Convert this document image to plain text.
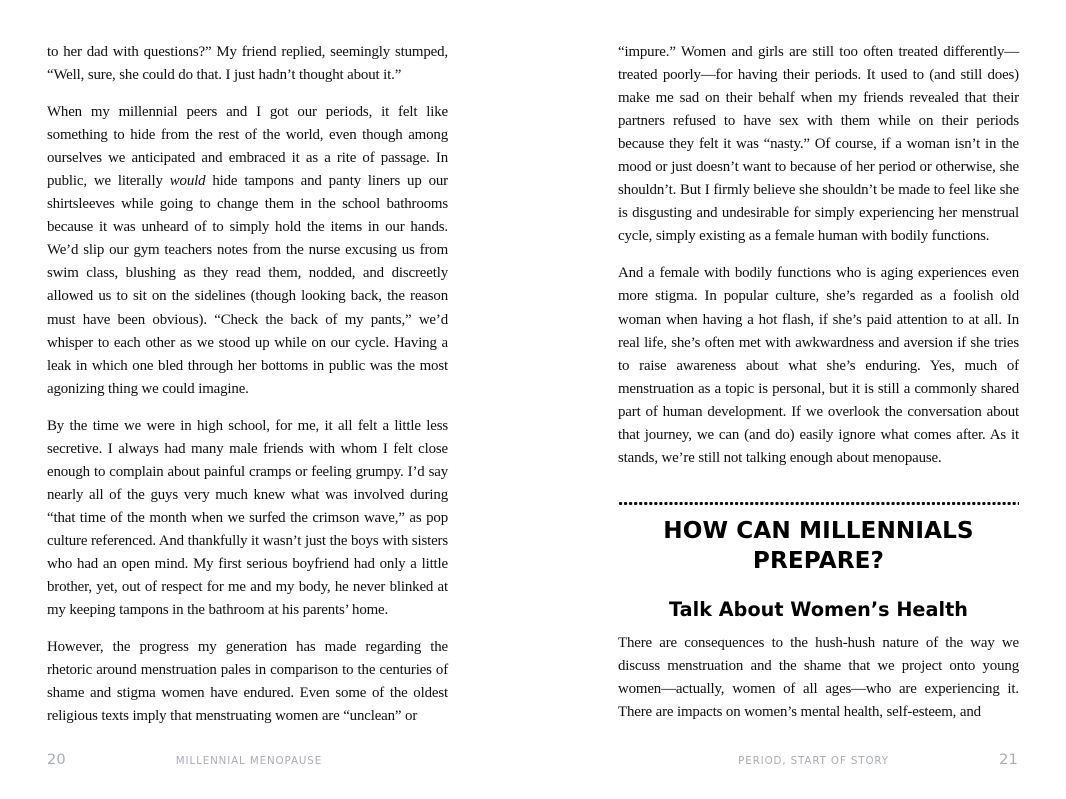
to her dad with questions?” My friend replied, seemingly stumped, “Well, sure, she could do that. I just hadn’t thought about it.”

When my millennial peers and I got our periods, it felt like something to hide from the rest of the world, even though among ourselves we anticipated and embraced it as a rite of passage. In public, we literally would hide tampons and panty liners up our shirtsleeves while going to change them in the school bathrooms because it was unheard of to simply hold the items in our hands. We’d slip our gym teachers notes from the nurse excusing us from swim class, blushing as they read them, nodded, and discreetly allowed us to sit on the sidelines (though looking back, the reason must have been obvious). “Check the back of my pants,” we’d whisper to each other as we stood up while on our cycle. Having a leak in which one bled through her bottoms in public was the most agonizing thing we could imagine.

By the time we were in high school, for me, it all felt a little less secretive. I always had many male friends with whom I felt close enough to complain about painful cramps or feeling grumpy. I’d say nearly all of the guys very much knew what was involved during “that time of the month when we surfed the crimson wave,” as pop culture referenced. And thankfully it wasn’t just the boys with sisters who had an open mind. My first serious boyfriend had only a little brother, yet, out of respect for me and my body, he never blinked at my keeping tampons in the bathroom at his parents’ home.

However, the progress my generation has made regarding the rhetoric around menstruation pales in comparison to the centuries of shame and stigma women have endured. Even some of the oldest religious texts imply that menstruating women are “unclean” or

20	MILLENNIAL MENOPAUSE

“impure.” Women and girls are still too often treated differently—treated poorly—for having their periods. It used to (and still does) make me sad on their behalf when my friends revealed that their partners refused to have sex with them while on their periods because they felt it was “nasty.” Of course, if a woman isn’t in the mood or just doesn’t want to because of her period or otherwise, she shouldn’t. But I firmly believe she shouldn’t be made to feel like she is disgusting and undesirable for simply experiencing her menstrual cycle, simply existing as a female human with bodily functions.

And a female with bodily functions who is aging experiences even more stigma. In popular culture, she’s regarded as a foolish old woman when having a hot flash, if she’s paid attention to at all. In real life, she’s often met with awkwardness and aversion if she tries to raise awareness about what she’s enduring. Yes, much of menstruation as a topic is personal, but it is still a commonly shared part of human development. If we overlook the conversation about that journey, we can (and do) easily ignore what comes after. As it stands, we’re still not talking enough about menopause.

HOW CAN MILLENNIALS PREPARE?
Talk About Women’s Health

There are consequences to the hush-hush nature of the way we discuss menstruation and the shame that we project onto young women—actually, women of all ages—who are experiencing it. There are impacts on women’s mental health, self-esteem, and

PERIOD, START OF STORY	21
